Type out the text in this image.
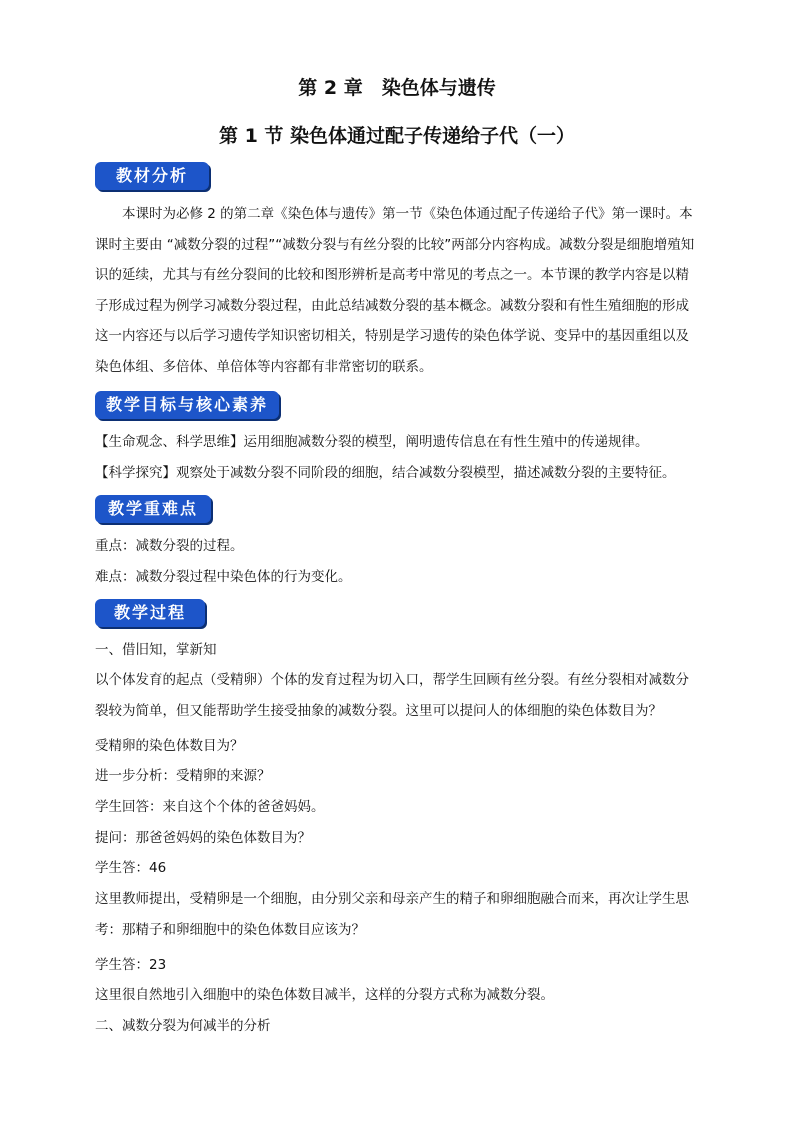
第 2 章　染色体与遗传
第 1 节 染色体通过配子传递给子代（一）
教材分析
本课时为必修 2 的第二章《染色体与遗传》第一节《染色体通过配子传递给子代》第一课时。本课时主要由 “减数分裂的过程”“减数分裂与有丝分裂的比较”两部分内容构成。减数分裂是细胞增殖知识的延续，尤其与有丝分裂间的比较和图形辨析是高考中常见的考点之一。本节课的教学内容是以精子形成过程为例学习减数分裂过程，由此总结减数分裂的基本概念。减数分裂和有性生殖细胞的形成这一内容还与以后学习遗传学知识密切相关，特别是学习遗传的染色体学说、变异中的基因重组以及染色体组、多倍体、单倍体等内容都有非常密切的联系。
教学目标与核心素养
【生命观念、科学思维】运用细胞减数分裂的模型，阐明遗传信息在有性生殖中的传递规律。
【科学探究】观察处于减数分裂不同阶段的细胞，结合减数分裂模型，描述减数分裂的主要特征。
教学重难点
重点：减数分裂的过程。
难点：减数分裂过程中染色体的行为变化。
教学过程
一、借旧知，掌新知
以个体发育的起点（受精卵）个体的发育过程为切入口，帮学生回顾有丝分裂。有丝分裂相对减数分裂较为简单，但又能帮助学生接受抽象的减数分裂。这里可以提问人的体细胞的染色体数目为？
受精卵的染色体数目为？
进一步分析：受精卵的来源？
学生回答：来自这个个体的爸爸妈妈。
提问：那爸爸妈妈的染色体数目为？
学生答：46
这里教师提出，受精卵是一个细胞，由分别父亲和母亲产生的精子和卵细胞融合而来，再次让学生思考：那精子和卵细胞中的染色体数目应该为？
学生答：23
这里很自然地引入细胞中的染色体数目减半，这样的分裂方式称为减数分裂。
二、减数分裂为何减半的分析
